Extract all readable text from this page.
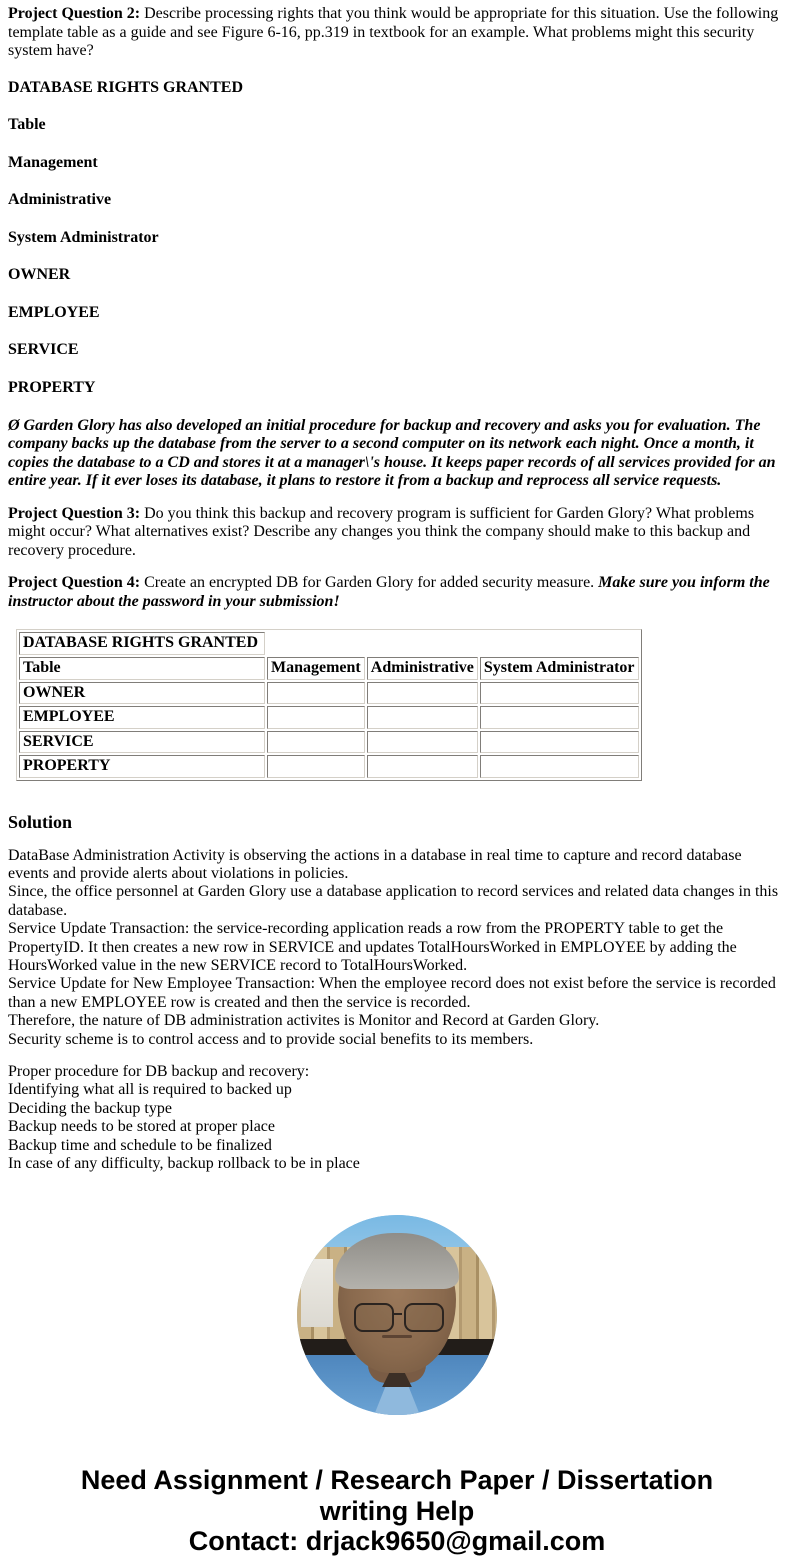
Project Question 2: Describe processing rights that you think would be appropriate for this situation. Use the following template table as a guide and see Figure 6-16, pp.319 in textbook for an example. What problems might this security system have?

DATABASE RIGHTS GRANTED

Table

Management

Administrative

System Administrator

OWNER

EMPLOYEE

SERVICE

PROPERTY

Ø Garden Glory has also developed an initial procedure for backup and recovery and asks you for evaluation. The company backs up the database from the server to a second computer on its network each night. Once a month, it copies the database to a CD and stores it at a manager\'s house. It keeps paper records of all services provided for an entire year. If it ever loses its database, it plans to restore it from a backup and reprocess all service requests.

Project Question 3: Do you think this backup and recovery program is sufficient for Garden Glory? What problems might occur? What alternatives exist? Describe any changes you think the company should make to this backup and recovery procedure.

Project Question 4: Create an encrypted DB for Garden Glory for added security measure. Make sure you inform the instructor about the password in your submission!

DATABASE RIGHTS GRANTED			
Table	Management	Administrative	System Administrator
OWNER			
EMPLOYEE			
SERVICE			
PROPERTY			
Solution
DataBase Administration Activity is observing the actions in a database in real time to capture and record database events and provide alerts about violations in policies.
Since, the office personnel at Garden Glory use a database application to record services and related data changes in this database.
Service Update Transaction: the service-recording application reads a row from the PROPERTY table to get the PropertyID. It then creates a new row in SERVICE and updates TotalHoursWorked in EMPLOYEE by adding the HoursWorked value in the new SERVICE record to TotalHoursWorked.
Service Update for New Employee Transaction: When the employee record does not exist before the service is recorded than a new EMPLOYEE row is created and then the service is recorded.
Therefore, the nature of DB administration activites is Monitor and Record at Garden Glory.
Security scheme is to control access and to provide social benefits to its members.
Proper procedure for DB backup and recovery:
Identifying what all is required to backed up
Deciding the backup type
Backup needs to be stored at proper place
Backup time and schedule to be finalized
In case of any difficulty, backup rollback to be in place
Need Assignment / Research Paper / Dissertation
writing Help
Contact: drjack9650@gmail.com
